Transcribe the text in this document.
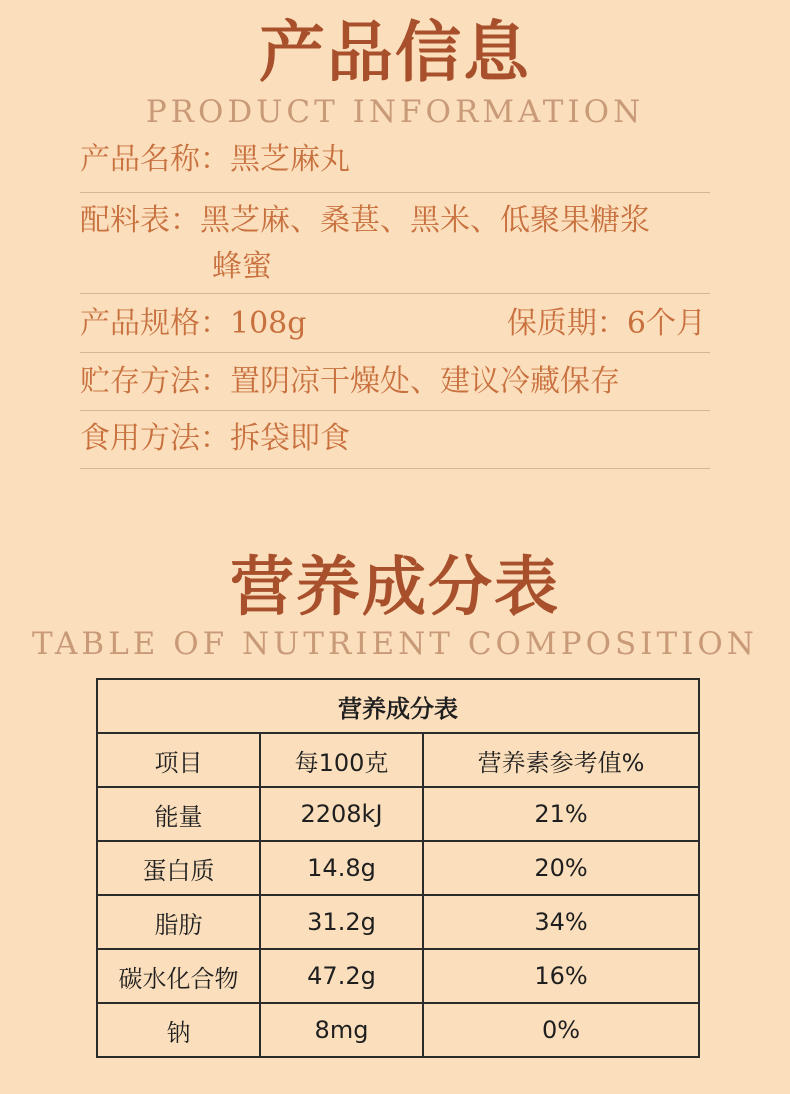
产品信息
PRODUCT INFORMATION
产品名称：黑芝麻丸
配料表：黑芝麻、桑葚、黑米、低聚果糖浆
蜂蜜
产品规格：108g	保质期：6个月
贮存方法：置阴凉干燥处、建议冷藏保存
食用方法：拆袋即食
营养成分表
TABLE OF NUTRIENT COMPOSITION
营养成分表		
项目	每100克	营养素参考值%
能量	2208kJ	21%
蛋白质	14.8g	20%
脂肪	31.2g	34%
碳水化合物	47.2g	16%
钠	8mg	0%
